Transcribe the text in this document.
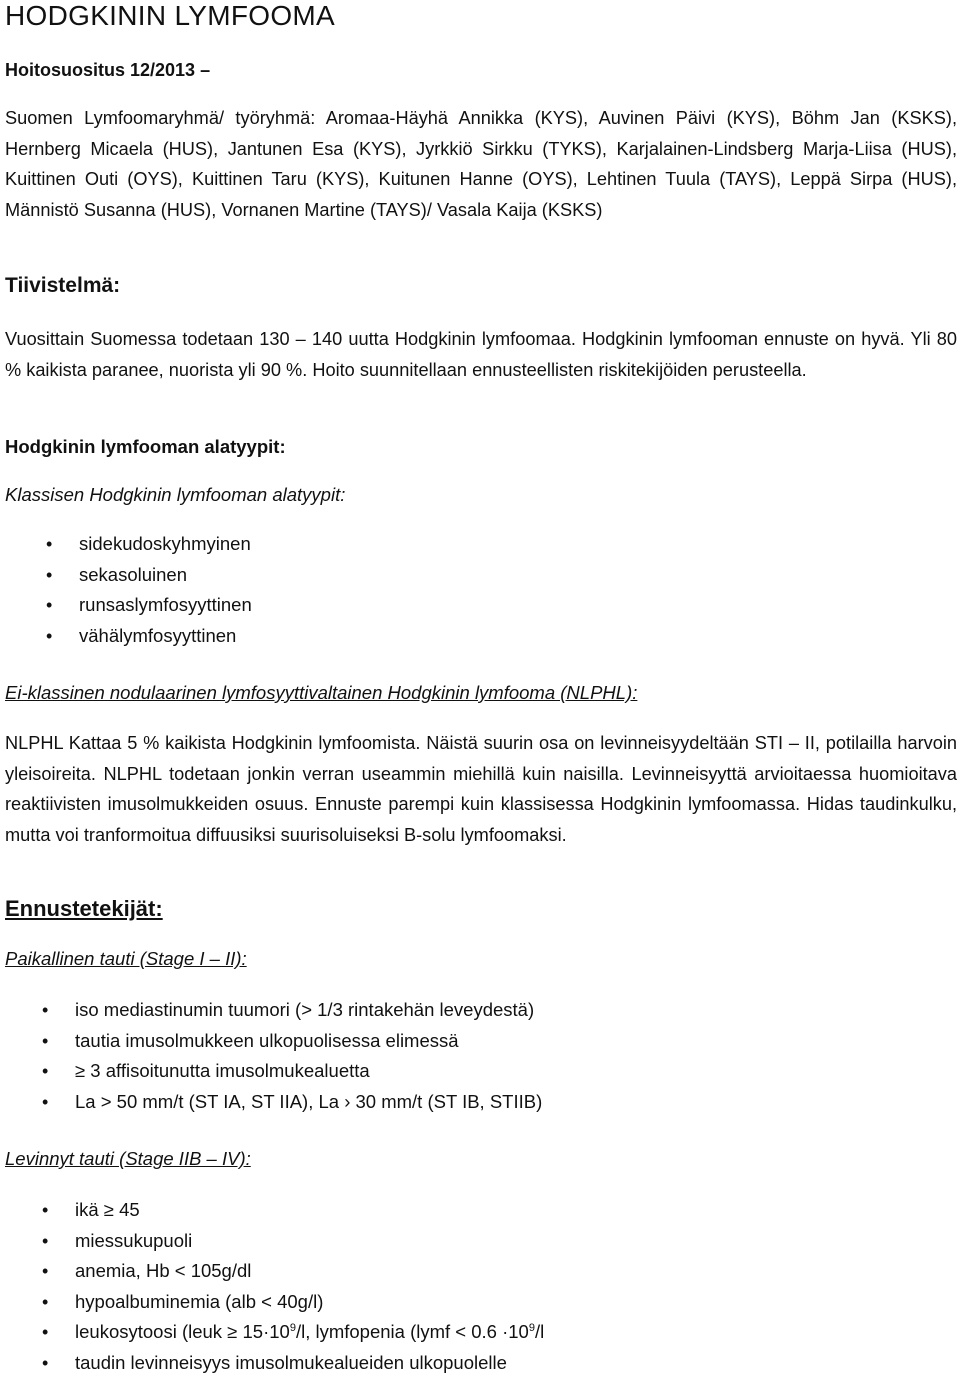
HODGKININ LYMFOOMA
Hoitosuositus 12/2013 –
Suomen Lymfoomaryhmä/ työryhmä: Aromaa-Häyhä Annikka (KYS), Auvinen Päivi (KYS), Böhm Jan (KSKS), Hernberg Micaela (HUS), Jantunen Esa (KYS), Jyrkkiö Sirkku (TYKS), Karjalainen-Lindsberg Marja-Liisa (HUS), Kuittinen Outi (OYS), Kuittinen Taru (KYS), Kuitunen Hanne (OYS), Lehtinen Tuula (TAYS), Leppä Sirpa (HUS), Männistö Susanna (HUS), Vornanen Martine (TAYS)/ Vasala Kaija (KSKS)
Tiivistelmä:
Vuosittain Suomessa todetaan 130 – 140 uutta Hodgkinin lymfoomaa. Hodgkinin lymfooman ennuste on hyvä. Yli 80 % kaikista paranee, nuorista yli 90 %. Hoito suunnitellaan ennusteellisten riskitekijöiden perusteella.
Hodgkinin lymfooman alatyypit:
Klassisen Hodgkinin lymfooman alatyypit:
• sidekudoskyhmyinen
• sekasoluinen
• runsaslymfosyyttinen
• vähälymfosyyttinen
Ei-klassinen nodulaarinen lymfosyyttivaltainen Hodgkinin lymfooma (NLPHL):
NLPHL Kattaa 5 % kaikista Hodgkinin lymfoomista. Näistä suurin osa on levinneisyydeltään STI – II, potilailla harvoin yleisoireita. NLPHL todetaan jonkin verran useammin miehillä kuin naisilla. Levinneisyyttä arvioitaessa huomioitava reaktiivisten imusolmukkeiden osuus. Ennuste parempi kuin klassisessa Hodgkinin lymfoomassa. Hidas taudinkulku, mutta voi tranformoitua diffuusiksi suurisoluiseksi B-solu lymfoomaksi.
Ennustetekijät:
Paikallinen tauti (Stage I – II):
• iso mediastinumin tuumori (> 1/3 rintakehän leveydestä)
• tautia imusolmukkeen ulkopuolisessa elimessä
• ≥ 3 affisoitunutta imusolmukealuetta
• La > 50 mm/t (ST IA, ST IIA), La › 30 mm/t (ST IB, STIIB)
Levinnyt tauti (Stage IIB – IV):
• ikä ≥ 45
• miessukupuoli
• anemia, Hb < 105g/dl
• hypoalbuminemia (alb < 40g/l)
• leukosytoosi (leuk ≥ $15\cdot 10^9/l$, lymfopenia (lymf < $0.6 \cdot 10^9/l$
• taudin levinneisyys imusolmukealueiden ulkopuolelle
